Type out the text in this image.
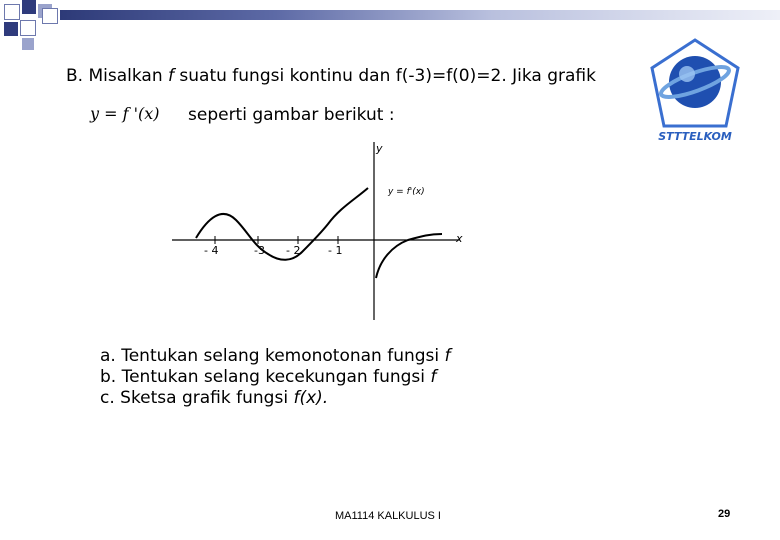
B. Misalkan f suatu fungsi kontinu dan f(-3)=f(0)=2. Jika grafik
y = f '(x) seperti gambar berikut :
STTTELKOM
x
y
- 4	-3 - 2	- 1
y = f'(x)
a. Tentukan selang kemonotonan fungsi f
b. Tentukan selang kecekungan fungsi f
c. Sketsa grafik fungsi f(x).
MA1114 KALKULUS I	29
